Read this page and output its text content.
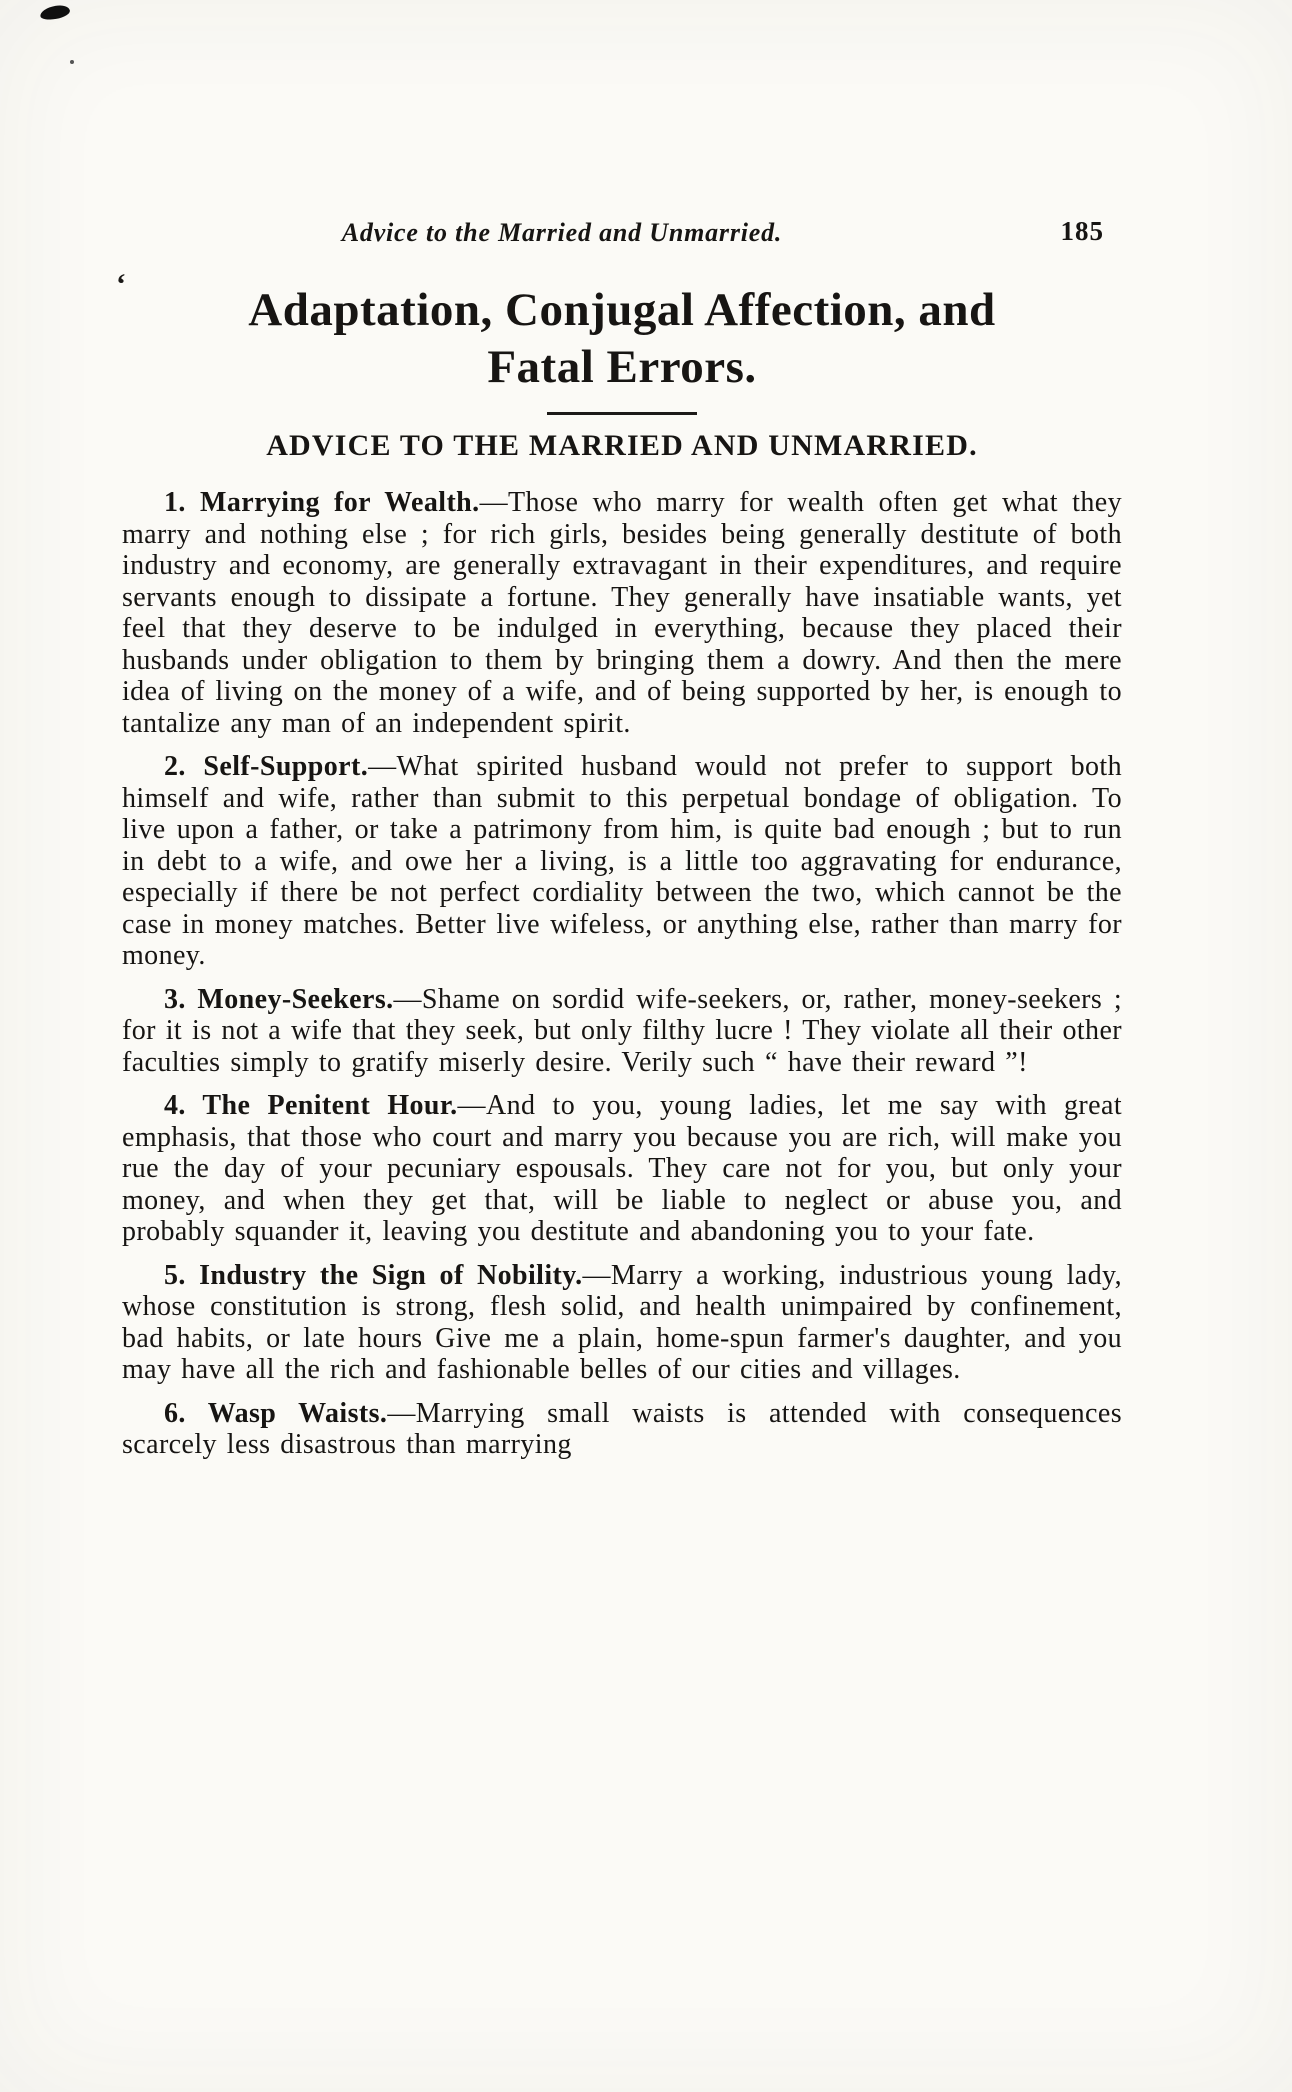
‘
Advice to the Married and Unmarried.	185
Adaptation, Conjugal Affection, and
Fatal Errors.
ADVICE TO THE MARRIED AND UNMARRIED.

1. Marrying for Wealth.—Those who marry for wealth often get what they marry and nothing else ; for rich girls, besides being generally destitute of both industry and economy, are generally extravagant in their expenditures, and require servants enough to dissipate a fortune. They generally have insatiable wants, yet feel that they deserve to be indulged in everything, because they placed their husbands under obligation to them by bringing them a dowry. And then the mere idea of living on the money of a wife, and of being supported by her, is enough to tantalize any man of an independent spirit.

2. Self-Support.—What spirited husband would not prefer to support both himself and wife, rather than submit to this perpetual bondage of obligation. To live upon a father, or take a patrimony from him, is quite bad enough ; but to run in debt to a wife, and owe her a living, is a little too aggravating for endurance, especially if there be not perfect cordiality between the two, which cannot be the case in money matches. Better live wifeless, or anything else, rather than marry for money.

3. Money-Seekers.—Shame on sordid wife-seekers, or, rather, money-seekers ; for it is not a wife that they seek, but only filthy lucre ! They violate all their other faculties simply to gratify miserly desire. Verily such “ have their reward ”!

4. The Penitent Hour.—And to you, young ladies, let me say with great emphasis, that those who court and marry you because you are rich, will make you rue the day of your pecuniary espousals. They care not for you, but only your money, and when they get that, will be liable to neglect or abuse you, and probably squander it, leaving you destitute and abandoning you to your fate.

5. Industry the Sign of Nobility.—Marry a working, industrious young lady, whose constitution is strong, flesh solid, and health unimpaired by confinement, bad habits, or late hours Give me a plain, home-spun farmer's daughter, and you may have all the rich and fashionable belles of our cities and villages.

6. Wasp Waists.—Marrying small waists is attended with consequences scarcely less disastrous than marrying
